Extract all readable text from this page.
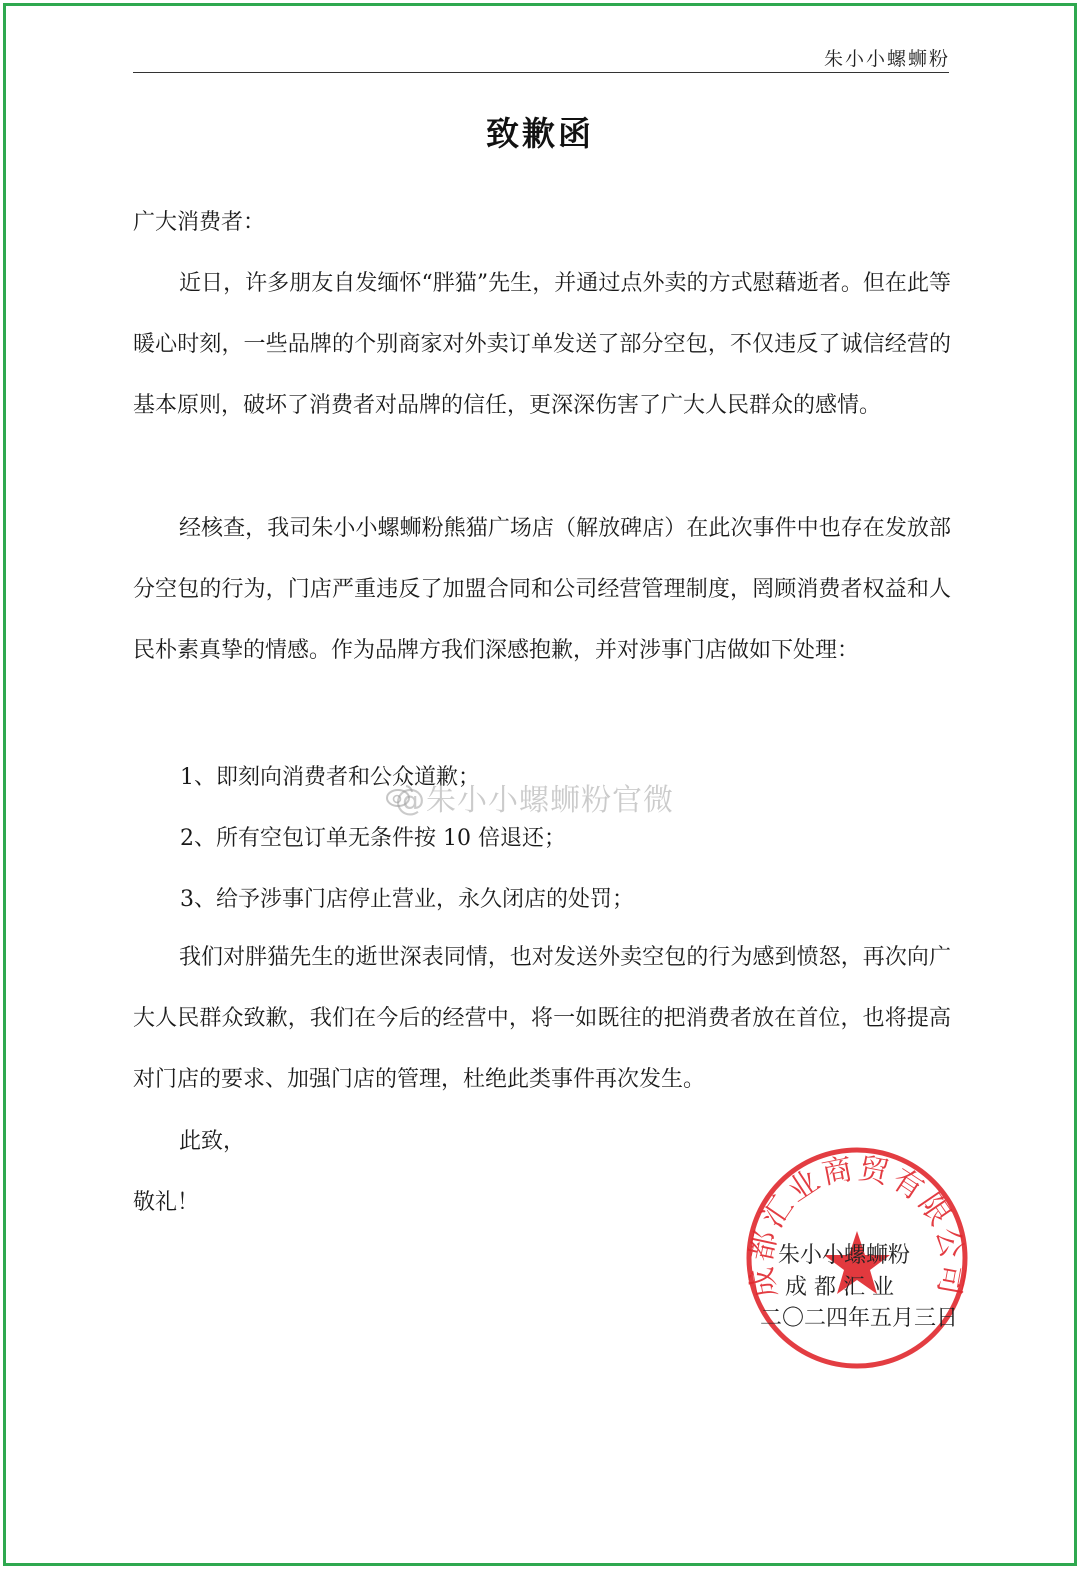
朱小小螺蛳粉
致歉函

广大消费者：

近日，许多朋友自发缅怀“胖猫”先生，并通过点外卖的方式慰藉逝者。但在此等暖心时刻，一些品牌的个别商家对外卖订单发送了部分空包，不仅违反了诚信经营的基本原则，破坏了消费者对品牌的信任，更深深伤害了广大人民群众的感情。

经核查，我司朱小小螺蛳粉熊猫广场店（解放碑店）在此次事件中也存在发放部分空包的行为，门店严重违反了加盟合同和公司经营管理制度，罔顾消费者权益和人民朴素真挚的情感。作为品牌方我们深感抱歉，并对涉事门店做如下处理：

1、即刻向消费者和公众道歉；

2、所有空包订单无条件按 10 倍退还；

3、给予涉事门店停止营业，永久闭店的处罚；

我们对胖猫先生的逝世深表同情，也对发送外卖空包的行为感到愤怒，再次向广大人民群众致歉，我们在今后的经营中，将一如既往的把消费者放在首位，也将提高对门店的要求、加强门店的管理，杜绝此类事件再次发生。

此致，

敬礼！

@朱小小螺蛳粉官微
成都汇业商贸有限公司
朱小小螺蛳粉
成 都 汇 业
二〇二四年五月三日
